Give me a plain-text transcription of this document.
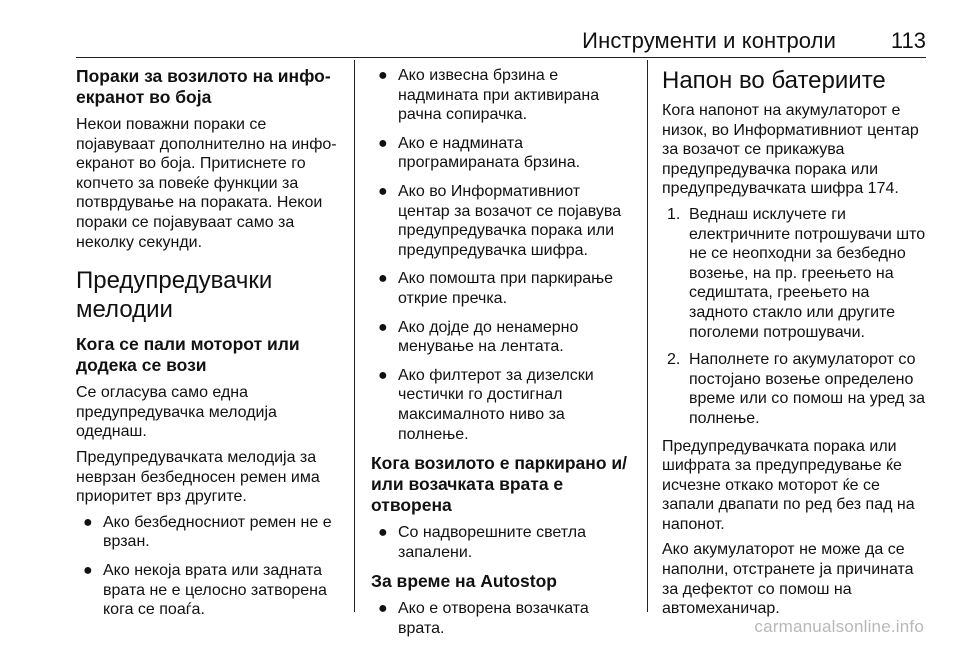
Инструменти и контроли 113
Пораки за возилото на инфо-екранот во боја

Некои поважни пораки се појавуваат дополнително на инфо-екранот во боја. Притиснете го копчето за повеќе функции за потврдување на пораката. Некои пораки се појавуваат само за неколку секунди.

Предупредувачки мелодии
Кога се пали моторот или додека се вози

Се огласува само една предупредувачка мелодија одеднаш.

Предупредувачката мелодија за неврзан безбедносен ремен има приоритет врз другите.

● Ако безбедносниот ремен не е врзан.
● Ако некоја врата или задната врата не е целосно затворена кога се поаѓа.
● Ако извесна брзина е надмината при активирана рачна сопирачка.
● Ако е надмината програмираната брзина.
● Ако во Информативниот центар за возачот се појавува предупредувачка порака или предупредувачка шифра.
● Ако помошта при паркирање открие пречка.
● Ако дојде до ненамерно менување на лентата.
● Ако филтерот за дизелски честички го достигнал максималното ниво за полнење.
Кога возилото е паркирано и/или возачката врата е отворена
● Со надворешните светла запалени.
За време на Autostop
● Ако е отворена возачката врата.
Напон во батериите

Кога напонот на акумулаторот е низок, во Информативниот центар за возачот се прикажува предупредувачка порака или предупредувачката шифра 174.

1. Веднаш исклучете ги електричните потрошувачи што не се неопходни за безбедно возење, на пр. греењето на седиштата, греењето на задното стакло или другите поголеми потрошувачи.
2. Наполнете го акумулаторот со постојано возење определено време или со помош на уред за полнење.

Предупредувачката порака или шифрата за предупредување ќе исчезне откако моторот ќе се запали двапати по ред без пад на напонот.

Ако акумулаторот не може да се наполни, отстранете ја причината за дефектот со помош на автомеханичар.

carmanualsonline.info
